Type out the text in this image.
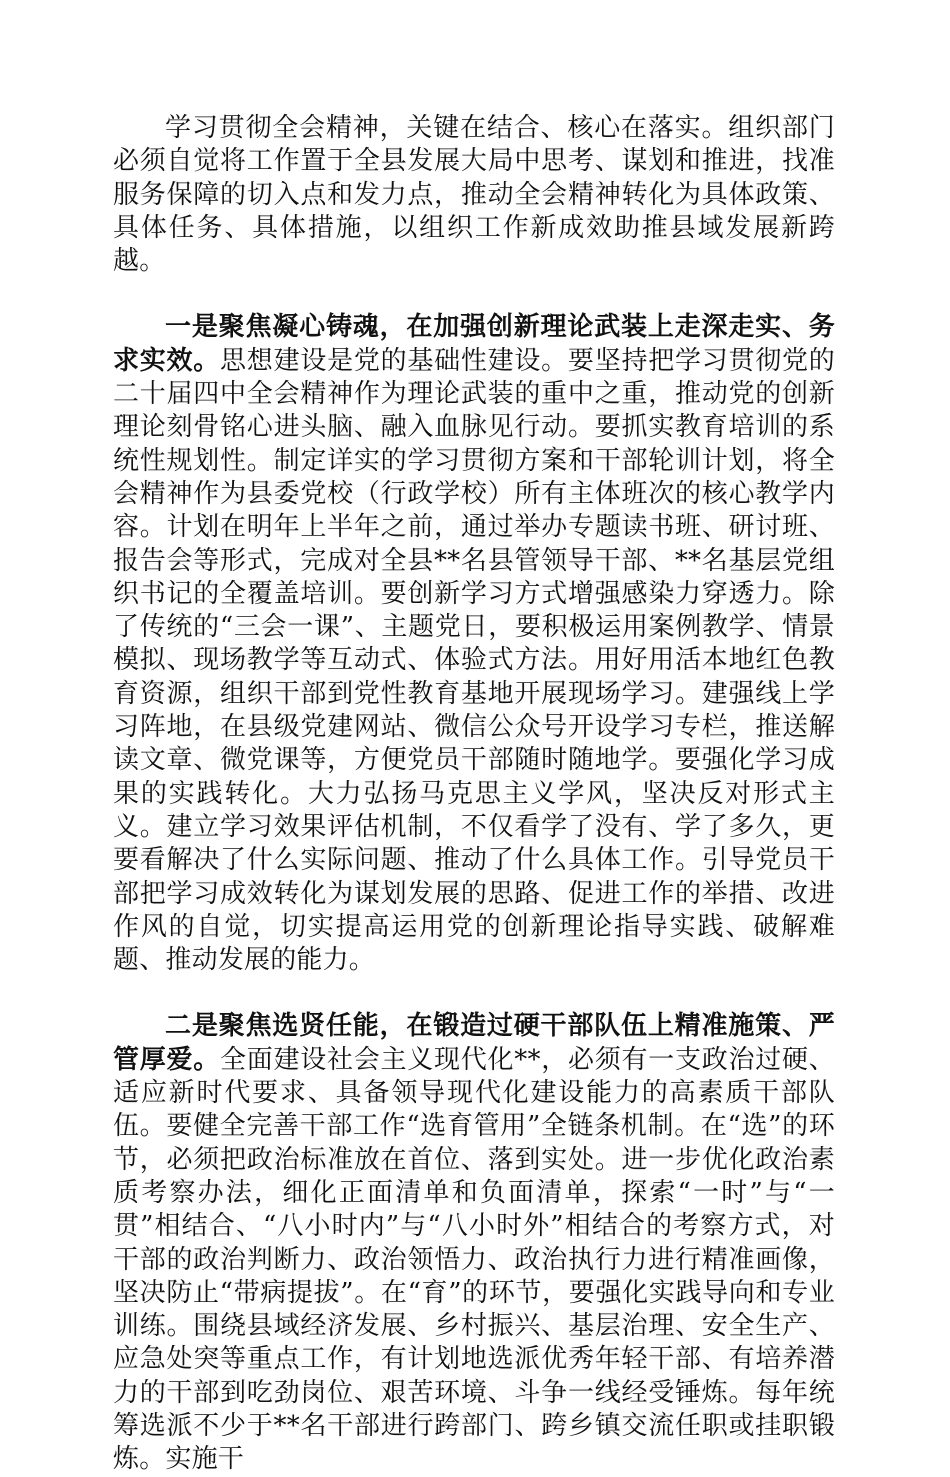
学习贯彻全会精神，关键在结合、核心在落实。组织部门必须自觉将工作置于全县发展大局中思考、谋划和推进，找准服务保障的切入点和发力点，推动全会精神转化为具体政策、具体任务、具体措施，以组织工作新成效助推县域发展新跨越。

一是聚焦凝心铸魂，在加强创新理论武装上走深走实、务求实效。思想建设是党的基础性建设。要坚持把学习贯彻党的二十届四中全会精神作为理论武装的重中之重，推动党的创新理论刻骨铭心进头脑、融入血脉见行动。要抓实教育培训的系统性规划性。制定详实的学习贯彻方案和干部轮训计划，将全会精神作为县委党校（行政学校）所有主体班次的核心教学内容。计划在明年上半年之前，通过举办专题读书班、研讨班、报告会等形式，完成对全县**名县管领导干部、**名基层党组织书记的全覆盖培训。要创新学习方式增强感染力穿透力。除了传统的“三会一课”、主题党日，要积极运用案例教学、情景模拟、现场教学等互动式、体验式方法。用好用活本地红色教育资源，组织干部到党性教育基地开展现场学习。建强线上学习阵地，在县级党建网站、微信公众号开设学习专栏，推送解读文章、微党课等，方便党员干部随时随地学。要强化学习成果的实践转化。大力弘扬马克思主义学风，坚决反对形式主义。建立学习效果评估机制，不仅看学了没有、学了多久，更要看解决了什么实际问题、推动了什么具体工作。引导党员干部把学习成效转化为谋划发展的思路、促进工作的举措、改进作风的自觉，切实提高运用党的创新理论指导实践、破解难题、推动发展的能力。

二是聚焦选贤任能，在锻造过硬干部队伍上精准施策、严管厚爱。全面建设社会主义现代化**，必须有一支政治过硬、适应新时代要求、具备领导现代化建设能力的高素质干部队伍。要健全完善干部工作“选育管用”全链条机制。在“选”的环节，必须把政治标准放在首位、落到实处。进一步优化政治素质考察办法，细化正面清单和负面清单，探索“一时”与“一贯”相结合、“八小时内”与“八小时外”相结合的考察方式，对干部的政治判断力、政治领悟力、政治执行力进行精准画像，坚决防止“带病提拔”。在“育”的环节，要强化实践导向和专业训练。围绕县域经济发展、乡村振兴、基层治理、安全生产、应急处突等重点工作，有计划地选派优秀年轻干部、有培养潜力的干部到吃劲岗位、艰苦环境、斗争一线经受锤炼。每年统筹选派不少于**名干部进行跨部门、跨乡镇交流任职或挂职锻炼。实施干
